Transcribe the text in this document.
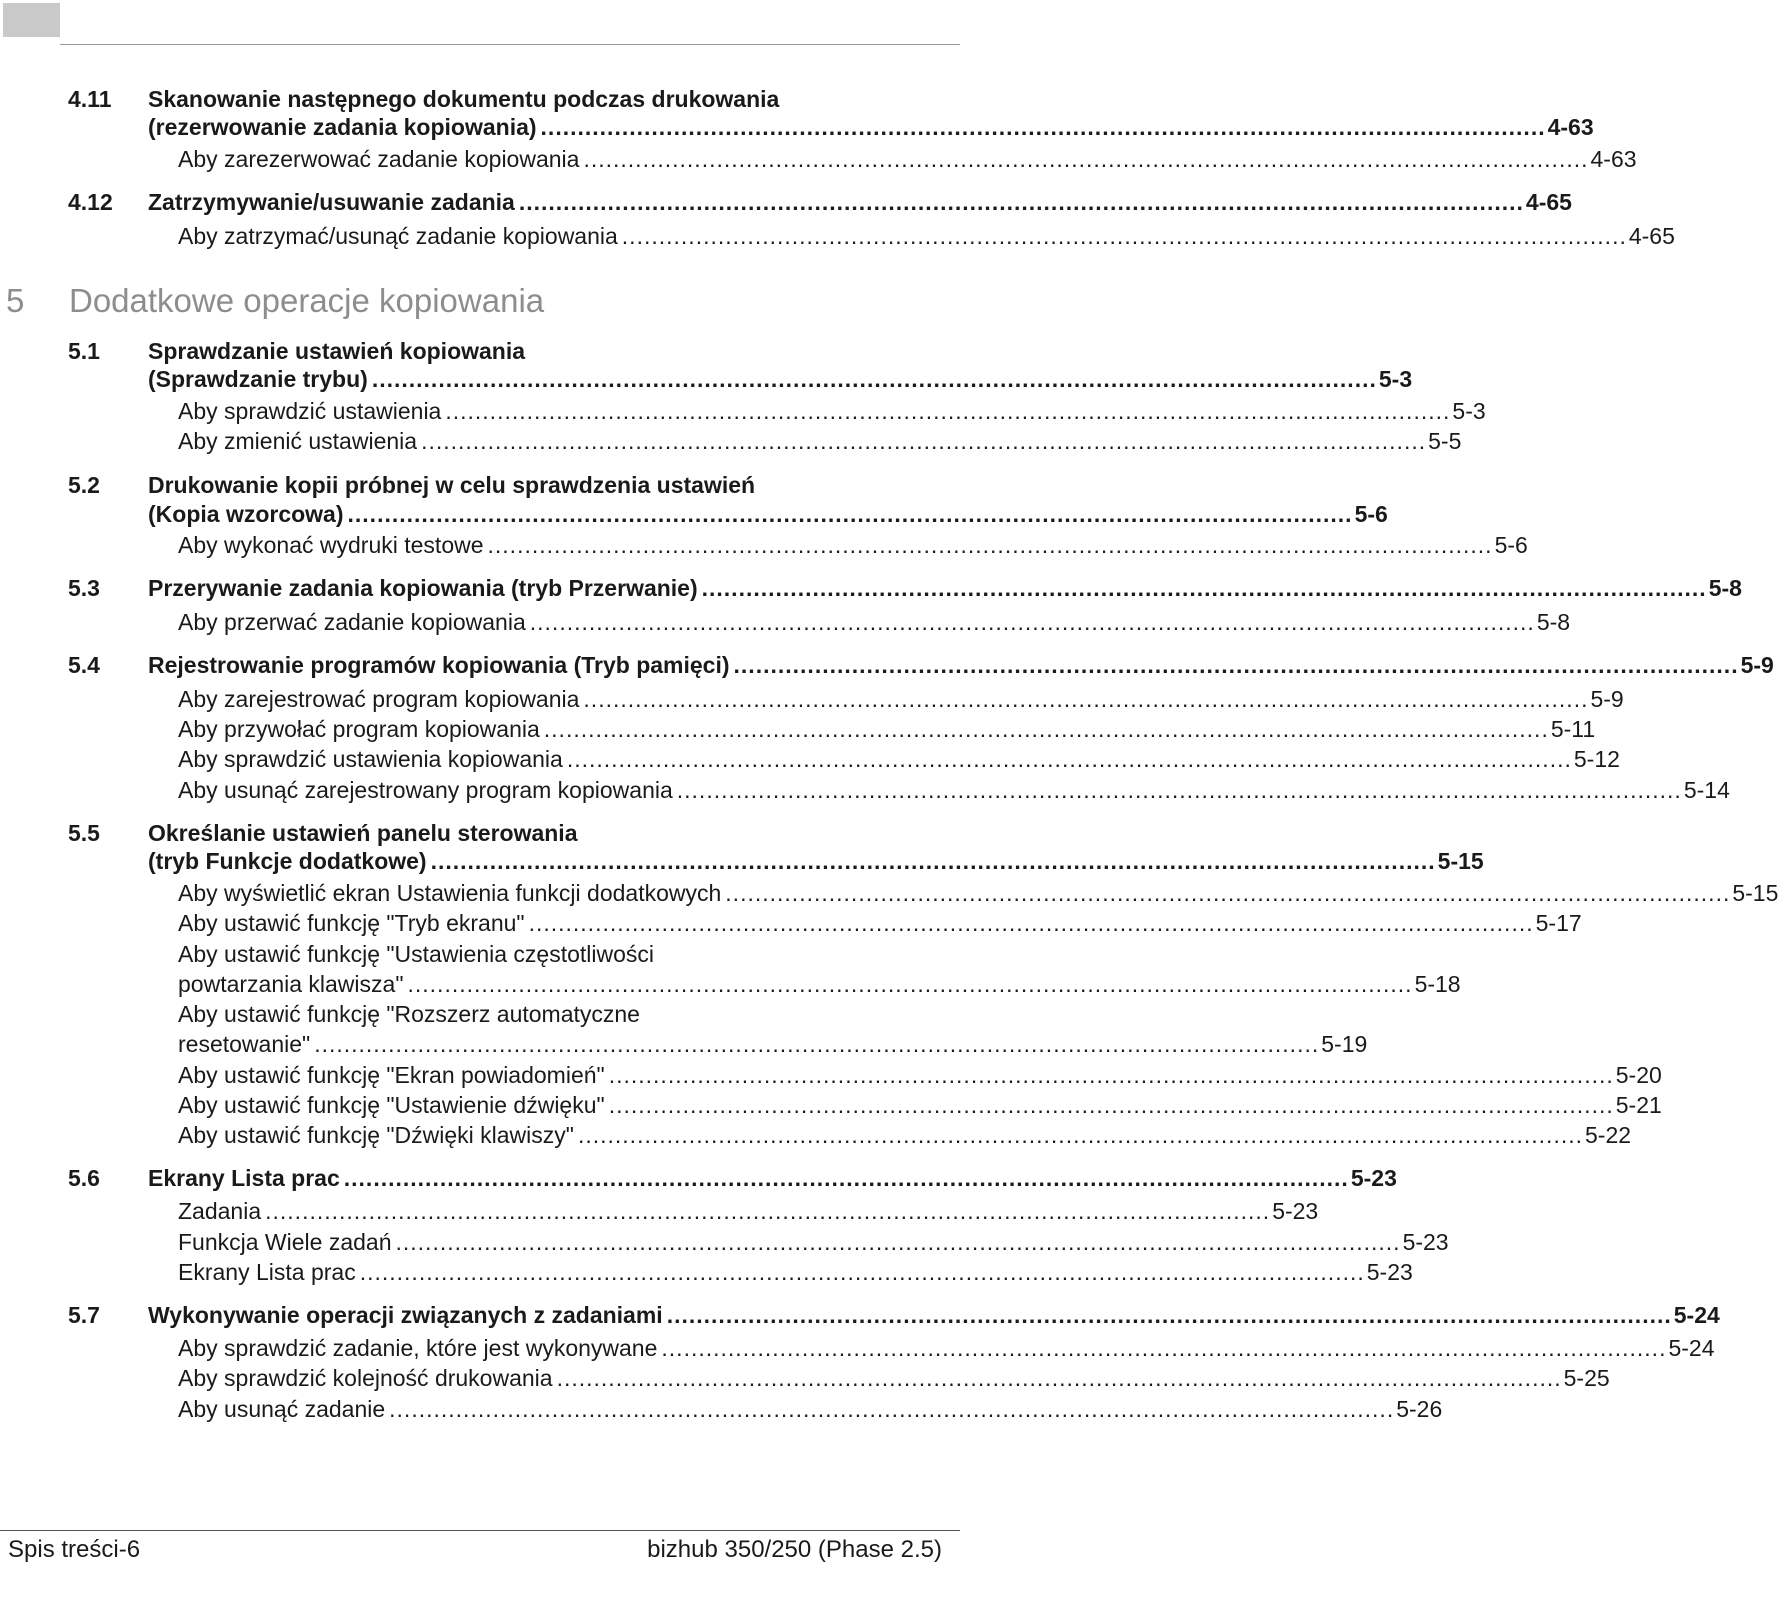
4.11	Skanowanie następnego dokumentu podczas drukowania
(rezerwowanie zadania kopiowania) ........................................................................................................................................ 4-63
Aby zarezerwować zadanie kopiowania ........................................................................................................................................ 4-63
4.12	Zatrzymywanie/usuwanie zadania ........................................................................................................................................ 4-65
Aby zatrzymać/usunąć zadanie kopiowania ........................................................................................................................................ 4-65
5	Dodatkowe operacje kopiowania
5.1	Sprawdzanie ustawień kopiowania
(Sprawdzanie trybu) ........................................................................................................................................ 5-3
Aby sprawdzić ustawienia ........................................................................................................................................ 5-3
Aby zmienić ustawienia ........................................................................................................................................ 5-5
5.2	Drukowanie kopii próbnej w celu sprawdzenia ustawień
(Kopia wzorcowa) ........................................................................................................................................ 5-6
Aby wykonać wydruki testowe ........................................................................................................................................ 5-6
5.3	Przerywanie zadania kopiowania (tryb Przerwanie) ........................................................................................................................................ 5-8
Aby przerwać zadanie kopiowania ........................................................................................................................................ 5-8
5.4	Rejestrowanie programów kopiowania (Tryb pamięci) ........................................................................................................................................ 5-9
Aby zarejestrować program kopiowania ........................................................................................................................................ 5-9
Aby przywołać program kopiowania ........................................................................................................................................ 5-11
Aby sprawdzić ustawienia kopiowania ........................................................................................................................................ 5-12
Aby usunąć zarejestrowany program kopiowania ........................................................................................................................................ 5-14
5.5	Określanie ustawień panelu sterowania
(tryb Funkcje dodatkowe) ........................................................................................................................................ 5-15
Aby wyświetlić ekran Ustawienia funkcji dodatkowych ........................................................................................................................................ 5-15
Aby ustawić funkcję "Tryb ekranu" ........................................................................................................................................ 5-17
Aby ustawić funkcję "Ustawienia częstotliwości
powtarzania klawisza" ........................................................................................................................................ 5-18
Aby ustawić funkcję "Rozszerz automatyczne
resetowanie" ........................................................................................................................................ 5-19
Aby ustawić funkcję "Ekran powiadomień" ........................................................................................................................................ 5-20
Aby ustawić funkcję "Ustawienie dźwięku" ........................................................................................................................................ 5-21
Aby ustawić funkcję "Dźwięki klawiszy" ........................................................................................................................................ 5-22
5.6	Ekrany Lista prac ........................................................................................................................................ 5-23
Zadania ........................................................................................................................................ 5-23
Funkcja Wiele zadań ........................................................................................................................................ 5-23
Ekrany Lista prac ........................................................................................................................................ 5-23
5.7	Wykonywanie operacji związanych z zadaniami ........................................................................................................................................ 5-24
Aby sprawdzić zadanie, które jest wykonywane ........................................................................................................................................ 5-24
Aby sprawdzić kolejność drukowania ........................................................................................................................................ 5-25
Aby usunąć zadanie ........................................................................................................................................ 5-26
Spis treści-6	bizhub 350/250 (Phase 2.5)
